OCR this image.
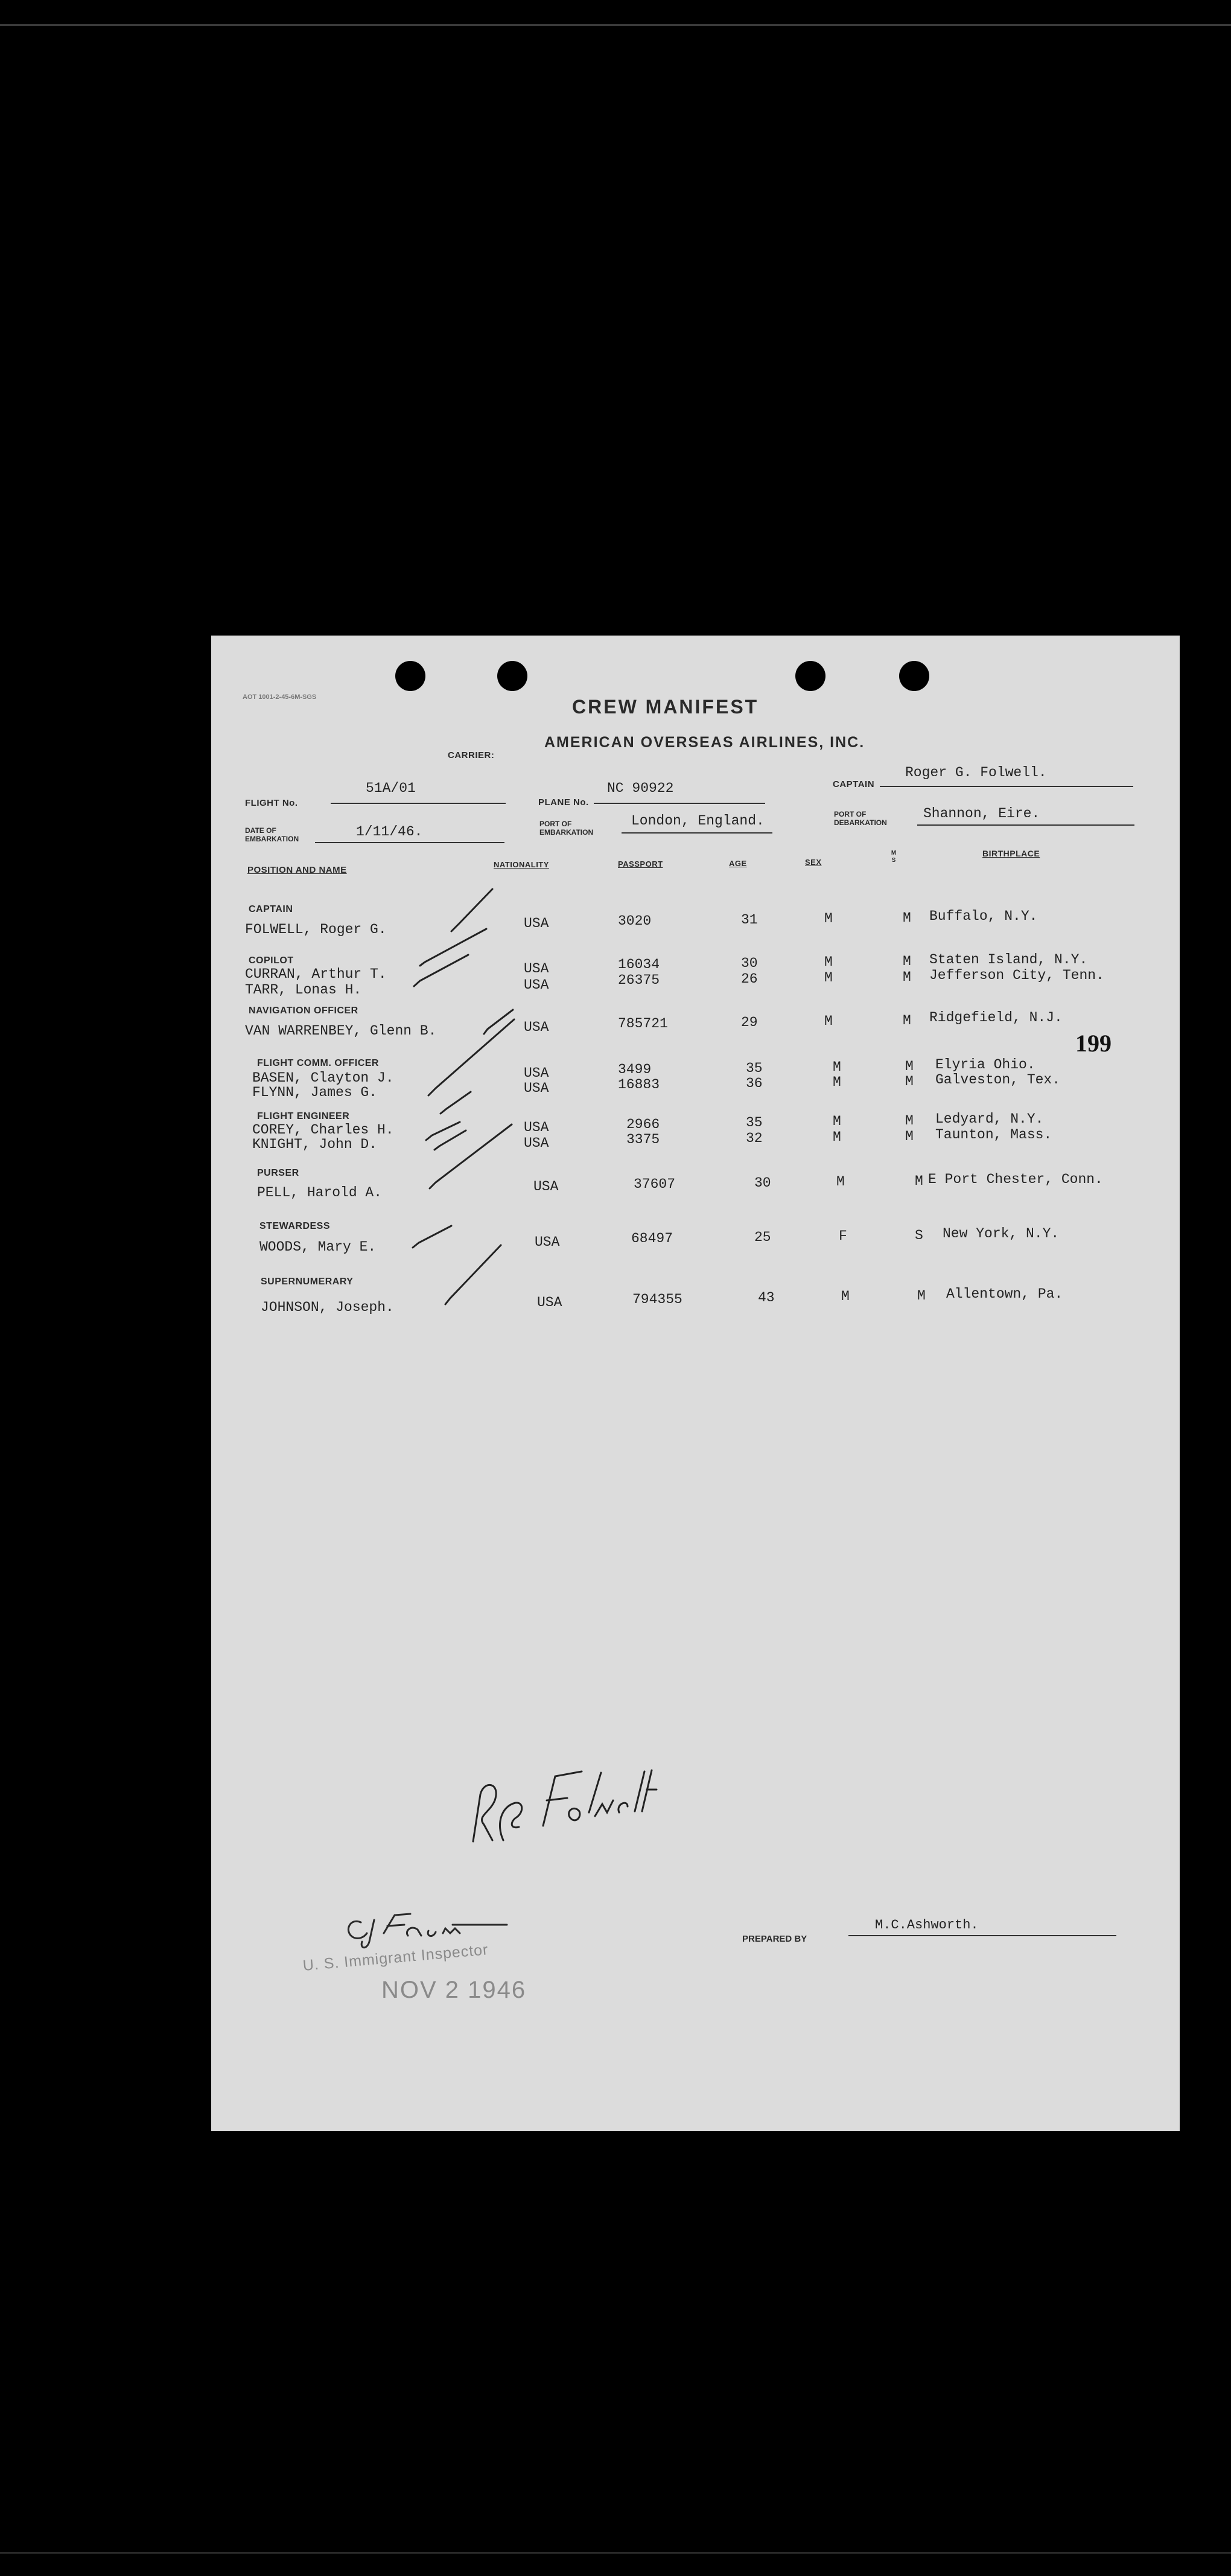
AOT 1001-2-45-6M-SGS	CREW MANIFEST
CARRIER:
AMERICAN OVERSEAS AIRLINES, INC.
FLIGHT No.
51A/01
PLANE No.
NC 90922	CAPTAIN
Roger G. Folwell.
DATE OF
EMBARKATION	1/11/46.	PORT OF
EMBARKATION
London, England.	PORT OF
DEBARKATION
Shannon, Eire.
POSITION AND NAME
NATIONALITY	PASSPORT	AGE	SEX
M S
BIRTHPLACE
CAPTAIN
FOLWELL, Roger G.	USA	3020	31	M	M Buffalo, N.Y.
COPILOT
CURRAN, Arthur T.	USA	16034	30	M	M Staten Island, N.Y.
TARR, Lonas H.	USA	26375	26	M	M Jefferson City, Tenn.
NAVIGATION OFFICER
VAN WARRENBEY, Glenn B.	USA	785721	29	M	M Ridgefield, N.J.
FLIGHT COMM. OFFICER
BASEN, Clayton J.	USA	3499	35	M	M Elyria Ohio.
FLYNN, James G.	USA	16883	36	M	M Galveston, Tex.
FLIGHT ENGINEER
COREY, Charles H.	USA	2966	35	M	M Ledyard, N.Y.
KNIGHT, John D.	USA	3375	32	M	M Taunton, Mass.
PURSER
PELL, Harold A.	USA	37607	30	M	M E Port Chester, Conn.
STEWARDESS
WOODS, Mary E.	USA	68497	25	F	S New York, N.Y.
SUPERNUMERARY
JOHNSON, Joseph.	USA	794355	43	M	M Allentown, Pa.
199
U. S. Immigrant Inspector
NOV 2 1946
PREPARED BY
M.C.Ashworth.
